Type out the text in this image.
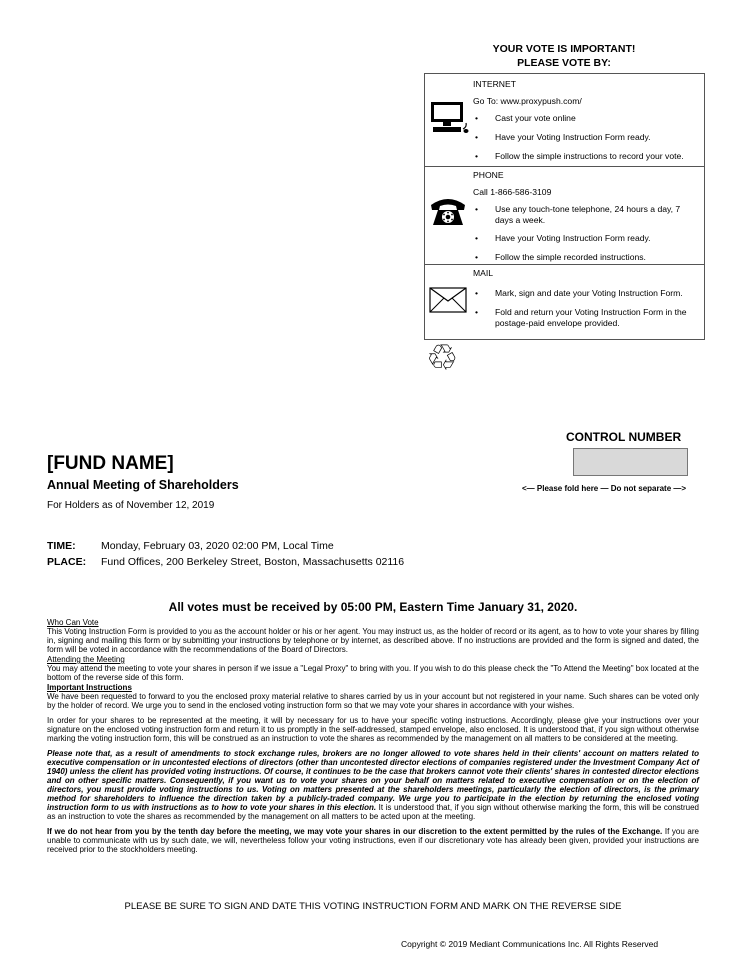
YOUR VOTE IS IMPORTANT!
PLEASE VOTE BY:
INTERNET
Go To: www.proxypush.com/
• Cast your vote online
• Have your Voting Instruction Form ready.
• Follow the simple instructions to record your vote.
PHONE
Call 1-866-586-3109
• Use any touch-tone telephone, 24 hours a day, 7 days a week.
• Have your Voting Instruction Form ready.
• Follow the simple recorded instructions.
MAIL
• Mark, sign and date your Voting Instruction Form.
• Fold and return your Voting Instruction Form in the postage-paid envelope provided.
♲
CONTROL NUMBER
<— Please fold here — Do not separate —>
[FUND NAME]
Annual Meeting of Shareholders
For Holders as of November 12, 2019
TIME: Monday, February 03, 2020 02:00 PM, Local Time
PLACE: Fund Offices, 200 Berkeley Street, Boston, Massachusetts 02116
All votes must be received by 05:00 PM, Eastern Time January 31, 2020.

Who Can Vote

This Voting Instruction Form is provided to you as the account holder or his or her agent. You may instruct us, as the holder of record or its agent, as to how to vote your shares by filling in, signing and mailing this form or by submitting your instructions by telephone or by internet, as described above. If no instructions are provided and the form is signed and dated, the form will be voted in accordance with the recommendations of the Board of Directors.

Attending the Meeting

You may attend the meeting to vote your shares in person if we issue a "Legal Proxy" to bring with you. If you wish to do this please check the "To Attend the Meeting" box located at the bottom of the reverse side of this form.

Important Instructions

We have been requested to forward to you the enclosed proxy material relative to shares carried by us in your account but not registered in your name. Such shares can be voted only by the holder of record. We urge you to send in the enclosed voting instruction form so that we may vote your shares in accordance with your wishes.

In order for your shares to be represented at the meeting, it will by necessary for us to have your specific voting instructions. Accordingly, please give your instructions over your signature on the enclosed voting instruction form and return it to us promptly in the self-addressed, stamped envelope, also enclosed. It is understood that, if you sign without otherwise marking the voting instruction form, this will be construed as an instruction to vote the shares as recommended by the management on all matters to be considered at the meeting.

Please note that, as a result of amendments to stock exchange rules, brokers are no longer allowed to vote shares held in their clients' account on matters related to executive compensation or in uncontested elections of directors (other than uncontested director elections of companies registered under the Investment Company Act of 1940) unless the client has provided voting instructions. Of course, it continues to be the case that brokers cannot vote their clients' shares in contested director elections and on other specific matters. Consequently, if you want us to vote your shares on your behalf on matters related to executive compensation or on the election of directors, you must provide voting instructions to us. Voting on matters presented at the shareholders meetings, particularly the election of directors, is the primary method for shareholders to influence the direction taken by a publicly-traded company. We urge you to participate in the election by returning the enclosed voting instruction form to us with instructions as to how to vote your shares in this election. It is understood that, if you sign without otherwise marking the form, this will be construed as an instruction to vote the shares as recommended by the management on all matters to be acted upon at the meeting.

If we do not hear from you by the tenth day before the meeting, we may vote your shares in our discretion to the extent permitted by the rules of the Exchange. If you are unable to communicate with us by such date, we will, nevertheless follow your voting instructions, even if our discretionary vote has already been given, provided your instructions are received prior to the stockholders meeting.

PLEASE BE SURE TO SIGN AND DATE THIS VOTING INSTRUCTION FORM AND MARK ON THE REVERSE SIDE
Copyright © 2019 Mediant Communications Inc. All Rights Reserved
